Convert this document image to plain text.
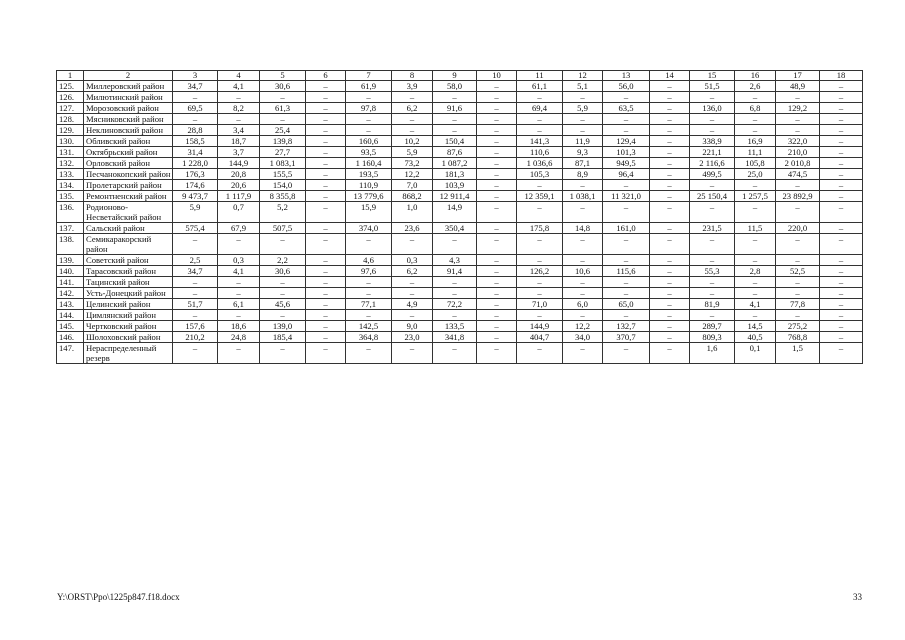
1	2	3	4	5	6	7	8	9	10	11	12	13	14	15	16	17	18
125.	Миллеровский район	34,7	4,1	30,6	–	61,9	3,9	58,0	–	61,1	5,1	56,0	–	51,5	2,6	48,9	–
126.	Милютинский район	–	–	–	–	–	–	–	–	–	–	–	–	–	–	–	–
127.	Морозовский район	69,5	8,2	61,3	–	97,8	6,2	91,6	–	69,4	5,9	63,5	–	136,0	6,8	129,2	–
128.	Мясниковский район	–	–	–	–	–	–	–	–	–	–	–	–	–	–	–	–
129.	Неклиновский район	28,8	3,4	25,4	–	–	–	–	–	–	–	–	–	–	–	–	–
130.	Обливский район	158,5	18,7	139,8	–	160,6	10,2	150,4	–	141,3	11,9	129,4	–	338,9	16,9	322,0	–
131.	Октябрьский район	31,4	3,7	27,7	–	93,5	5,9	87,6	–	110,6	9,3	101,3	–	221,1	11,1	210,0	–
132.	Орловский район	1 228,0	144,9	1 083,1	–	1 160,4	73,2	1 087,2	–	1 036,6	87,1	949,5	–	2 116,6	105,8	2 010,8	–
133.	Песчанокопский район	176,3	20,8	155,5	–	193,5	12,2	181,3	–	105,3	8,9	96,4	–	499,5	25,0	474,5	–
134.	Пролетарский район	174,6	20,6	154,0	–	110,9	7,0	103,9	–	–	–	–	–	–	–	–	–
135.	Ремонтненский район	9 473,7	1 117,9	8 355,8	–	13 779,6	868,2	12 911,4	–	12 359,1	1 038,1	11 321,0	–	25 150,4	1 257,5	23 892,9	–
136.	Родионово-Несветайский район	5,9	0,7	5,2	–	15,9	1,0	14,9	–	–	–	–	–	–	–	–	–
137.	Сальский район	575,4	67,9	507,5	–	374,0	23,6	350,4	–	175,8	14,8	161,0	–	231,5	11,5	220,0	–
138.	Семикаракорский район	–	–	–	–	–	–	–	–	–	–	–	–	–	–	–	–
139.	Советский район	2,5	0,3	2,2	–	4,6	0,3	4,3	–	–	–	–	–	–	–	–	–
140.	Тарасовский район	34,7	4,1	30,6	–	97,6	6,2	91,4	–	126,2	10,6	115,6	–	55,3	2,8	52,5	–
141.	Тацинский район	–	–	–	–	–	–	–	–	–	–	–	–	–	–	–	–
142.	Усть-Донецкий район	–	–	–	–	–	–	–	–	–	–	–	–	–	–	–	–
143.	Целинский район	51,7	6,1	45,6	–	77,1	4,9	72,2	–	71,0	6,0	65,0	–	81,9	4,1	77,8	–
144.	Цимлянский район	–	–	–	–	–	–	–	–	–	–	–	–	–	–	–	–
145.	Чертковский район	157,6	18,6	139,0	–	142,5	9,0	133,5	–	144,9	12,2	132,7	–	289,7	14,5	275,2	–
146.	Шолоховский район	210,2	24,8	185,4	–	364,8	23,0	341,8	–	404,7	34,0	370,7	–	809,3	40,5	768,8	–
147.	Нераспределенный резерв	–	–	–	–	–	–	–	–	–	–	–	–	1,6	0,1	1,5	–
Y:\ORST\Ppo\1225p847.f18.docx	33
